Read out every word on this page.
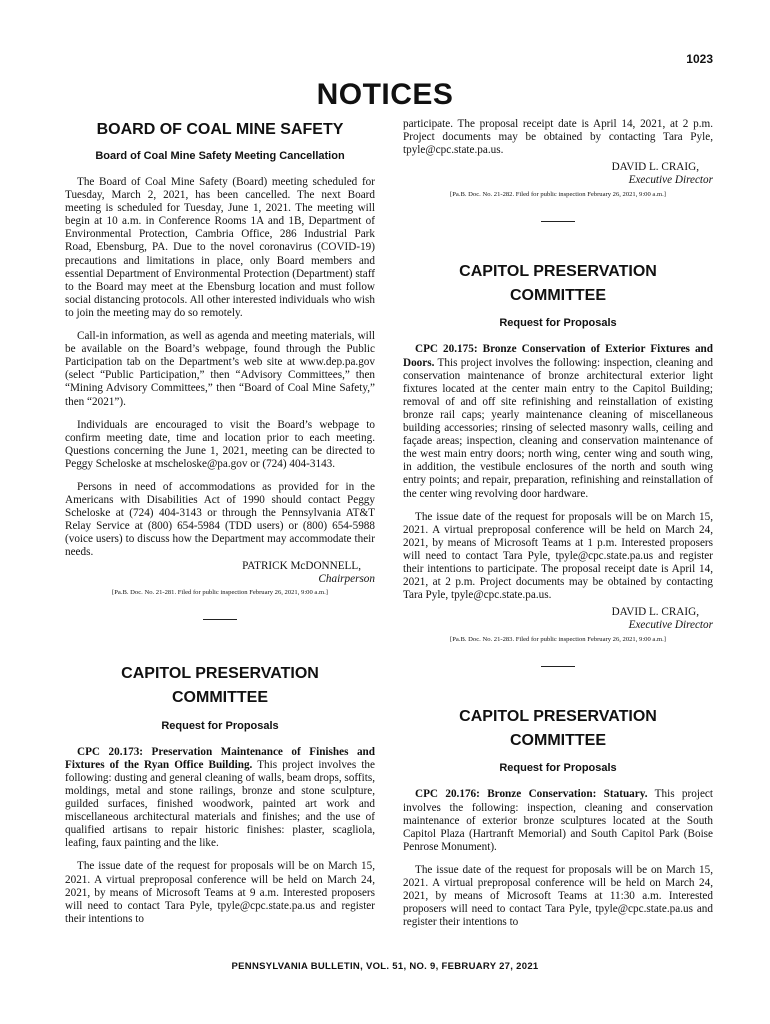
1023
NOTICES
BOARD OF COAL MINE SAFETY
Board of Coal Mine Safety Meeting Cancellation

The Board of Coal Mine Safety (Board) meeting scheduled for Tuesday, March 2, 2021, has been cancelled. The next Board meeting is scheduled for Tuesday, June 1, 2021. The meeting will begin at 10 a.m. in Conference Rooms 1A and 1B, Department of Environmental Protection, Cambria Office, 286 Industrial Park Road, Ebensburg, PA. Due to the novel coronavirus (COVID-19) precautions and limitations in place, only Board members and essential Department of Environmental Protection (Department) staff to the Board may meet at the Ebensburg location and must follow social distancing protocols. All other interested individuals who wish to join the meeting may do so remotely.

Call-in information, as well as agenda and meeting materials, will be available on the Board’s webpage, found through the Public Participation tab on the Department’s web site at www.dep.pa.gov (select “Public Participation,” then “Advisory Committees,” then “Mining Advisory Committees,” then “Board of Coal Mine Safety,” then “2021”).

Individuals are encouraged to visit the Board’s webpage to confirm meeting date, time and location prior to each meeting. Questions concerning the June 1, 2021, meeting can be directed to Peggy Scheloske at mscheloske@pa.gov or (724) 404-3143.

Persons in need of accommodations as provided for in the Americans with Disabilities Act of 1990 should contact Peggy Scheloske at (724) 404-3143 or through the Pennsylvania AT&T Relay Service at (800) 654-5984 (TDD users) or (800) 654-5988 (voice users) to discuss how the Department may accommodate their needs.

PATRICK McDONNELL,

Chairperson

[Pa.B. Doc. No. 21-281. Filed for public inspection February 26, 2021, 9:00 a.m.]

CAPITOL PRESERVATION
COMMITTEE
Request for Proposals

CPC 20.173: Preservation Maintenance of Finishes and Fixtures of the Ryan Office Building. This project involves the following: dusting and general cleaning of walls, beam drops, soffits, moldings, metal and stone railings, bronze and stone sculpture, guilded surfaces, finished woodwork, painted art work and miscellaneous architectural materials and finishes; and the use of qualified artisans to repair historic finishes: plaster, scagliola, leafing, faux painting and the like.

The issue date of the request for proposals will be on March 15, 2021. A virtual preproposal conference will be held on March 24, 2021, by means of Microsoft Teams at 9 a.m. Interested proposers will need to contact Tara Pyle, tpyle@cpc.state.pa.us and register their intentions to

participate. The proposal receipt date is April 14, 2021, at 2 p.m. Project documents may be obtained by contacting Tara Pyle, tpyle@cpc.state.pa.us.

DAVID L. CRAIG,

Executive Director

[Pa.B. Doc. No. 21-282. Filed for public inspection February 26, 2021, 9:00 a.m.]

CAPITOL PRESERVATION
COMMITTEE
Request for Proposals

CPC 20.175: Bronze Conservation of Exterior Fixtures and Doors. This project involves the following: inspection, cleaning and conservation maintenance of bronze architectural exterior light fixtures located at the center main entry to the Capitol Building; removal of and off site refinishing and reinstallation of existing bronze rail caps; yearly maintenance cleaning of miscellaneous building accessories; rinsing of selected masonry walls, ceiling and façade areas; inspection, cleaning and conservation maintenance of the west main entry doors; north wing, center wing and south wing, in addition, the vestibule enclosures of the north and south wing entry points; and repair, preparation, refinishing and reinstallation of the center wing revolving door hardware.

The issue date of the request for proposals will be on March 15, 2021. A virtual preproposal conference will be held on March 24, 2021, by means of Microsoft Teams at 1 p.m. Interested proposers will need to contact Tara Pyle, tpyle@cpc.state.pa.us and register their intentions to participate. The proposal receipt date is April 14, 2021, at 2 p.m. Project documents may be obtained by contacting Tara Pyle, tpyle@cpc.state.pa.us.

DAVID L. CRAIG,

Executive Director

[Pa.B. Doc. No. 21-283. Filed for public inspection February 26, 2021, 9:00 a.m.]

CAPITOL PRESERVATION
COMMITTEE
Request for Proposals

CPC 20.176: Bronze Conservation: Statuary. This project involves the following: inspection, cleaning and conservation maintenance of exterior bronze sculptures located at the South Capitol Plaza (Hartranft Memorial) and South Capitol Park (Boise Penrose Monument).

The issue date of the request for proposals will be on March 15, 2021. A virtual preproposal conference will be held on March 24, 2021, by means of Microsoft Teams at 11:30 a.m. Interested proposers will need to contact Tara Pyle, tpyle@cpc.state.pa.us and register their intentions to

PENNSYLVANIA BULLETIN, VOL. 51, NO. 9, FEBRUARY 27, 2021
